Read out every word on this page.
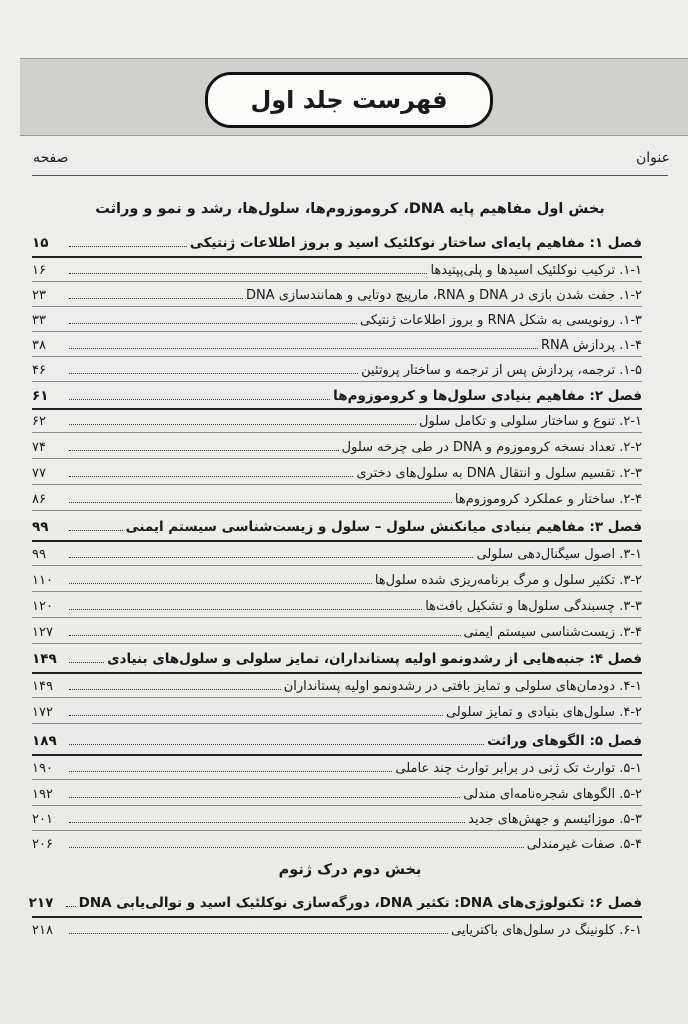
فهرست جلد اول
عنوان
صفحه
بخش اول مفاهیم پایه DNA، کروموزوم‌ها، سلول‌ها، رشد و نمو و وراثت
فصل ۱: مفاهیم پایه‌ای ساختار نوکلئیک اسید و بروز اطلاعات ژنتیکی
۱۵
۱-۱. ترکیب نوکلئیک اسیدها و پلی‌پپتیدها
۱۶
۱-۲. جفت شدن بازی در DNA و RNA، مارپیچ دوتایی و همانندسازی DNA
۲۳
۱-۳. رونویسی به شکل RNA و بروز اطلاعات ژنتیکی
۳۳
۱-۴. پردازش RNA
۳۸
۱-۵. ترجمه، پردازش پس از ترجمه و ساختار پروتئین
۴۶
فصل ۲: مفاهیم بنیادی سلول‌ها و کروموزوم‌ها
۶۱
۲-۱. تنوع و ساختار سلولی و تکامل سلول
۶۲
۲-۲. تعداد نسخه کروموزوم و DNA در طی چرخه سلول
۷۴
۲-۳. تقسیم سلول و انتقال DNA به سلول‌های دختری
۷۷
۲-۴. ساختار و عملکرد کروموزوم‌ها
۸۶
فصل ۳: مفاهیم بنیادی میانکنش سلول – سلول و زیست‌شناسی سیستم ایمنی
۹۹
۳-۱. اصول سیگنال‌دهی سلولی
۹۹
۳-۲. تکثیر سلول و مرگ برنامه‌ریزی شده سلول‌ها
۱۱۰
۳-۳. چسبندگی سلول‌ها و تشکیل بافت‌ها
۱۲۰
۳-۴. زیست‌شناسی سیستم ایمنی
۱۲۷
فصل ۴: جنبه‌هایی از رشدونمو اولیه پستانداران، تمایز سلولی و سلول‌های بنیادی
۱۴۹
۴-۱. دودمان‌های سلولی و تمایز بافتی در رشدونمو اولیه پستانداران
۱۴۹
۴-۲. سلول‌های بنیادی و تمایز سلولی
۱۷۲
فصل ۵: الگوهای وراثت
۱۸۹
۵-۱. توارث تک ژنی در برابر توارث چند عاملی
۱۹۰
۵-۲. الگوهای شجره‌نامه‌ای مندلی
۱۹۲
۵-۳. موزائیسم و جهش‌های جدید
۲۰۱
۵-۴. صفات غیرمندلی
۲۰۶
بخش دوم درک ژنوم
فصل ۶: تکنولوژی‌های DNA: تکثیر DNA، دورگه‌سازی نوکلئیک اسید و توالی‌یابی DNA
۲۱۷
۶-۱. کلونینگ در سلول‌های باکتریایی
۲۱۸
